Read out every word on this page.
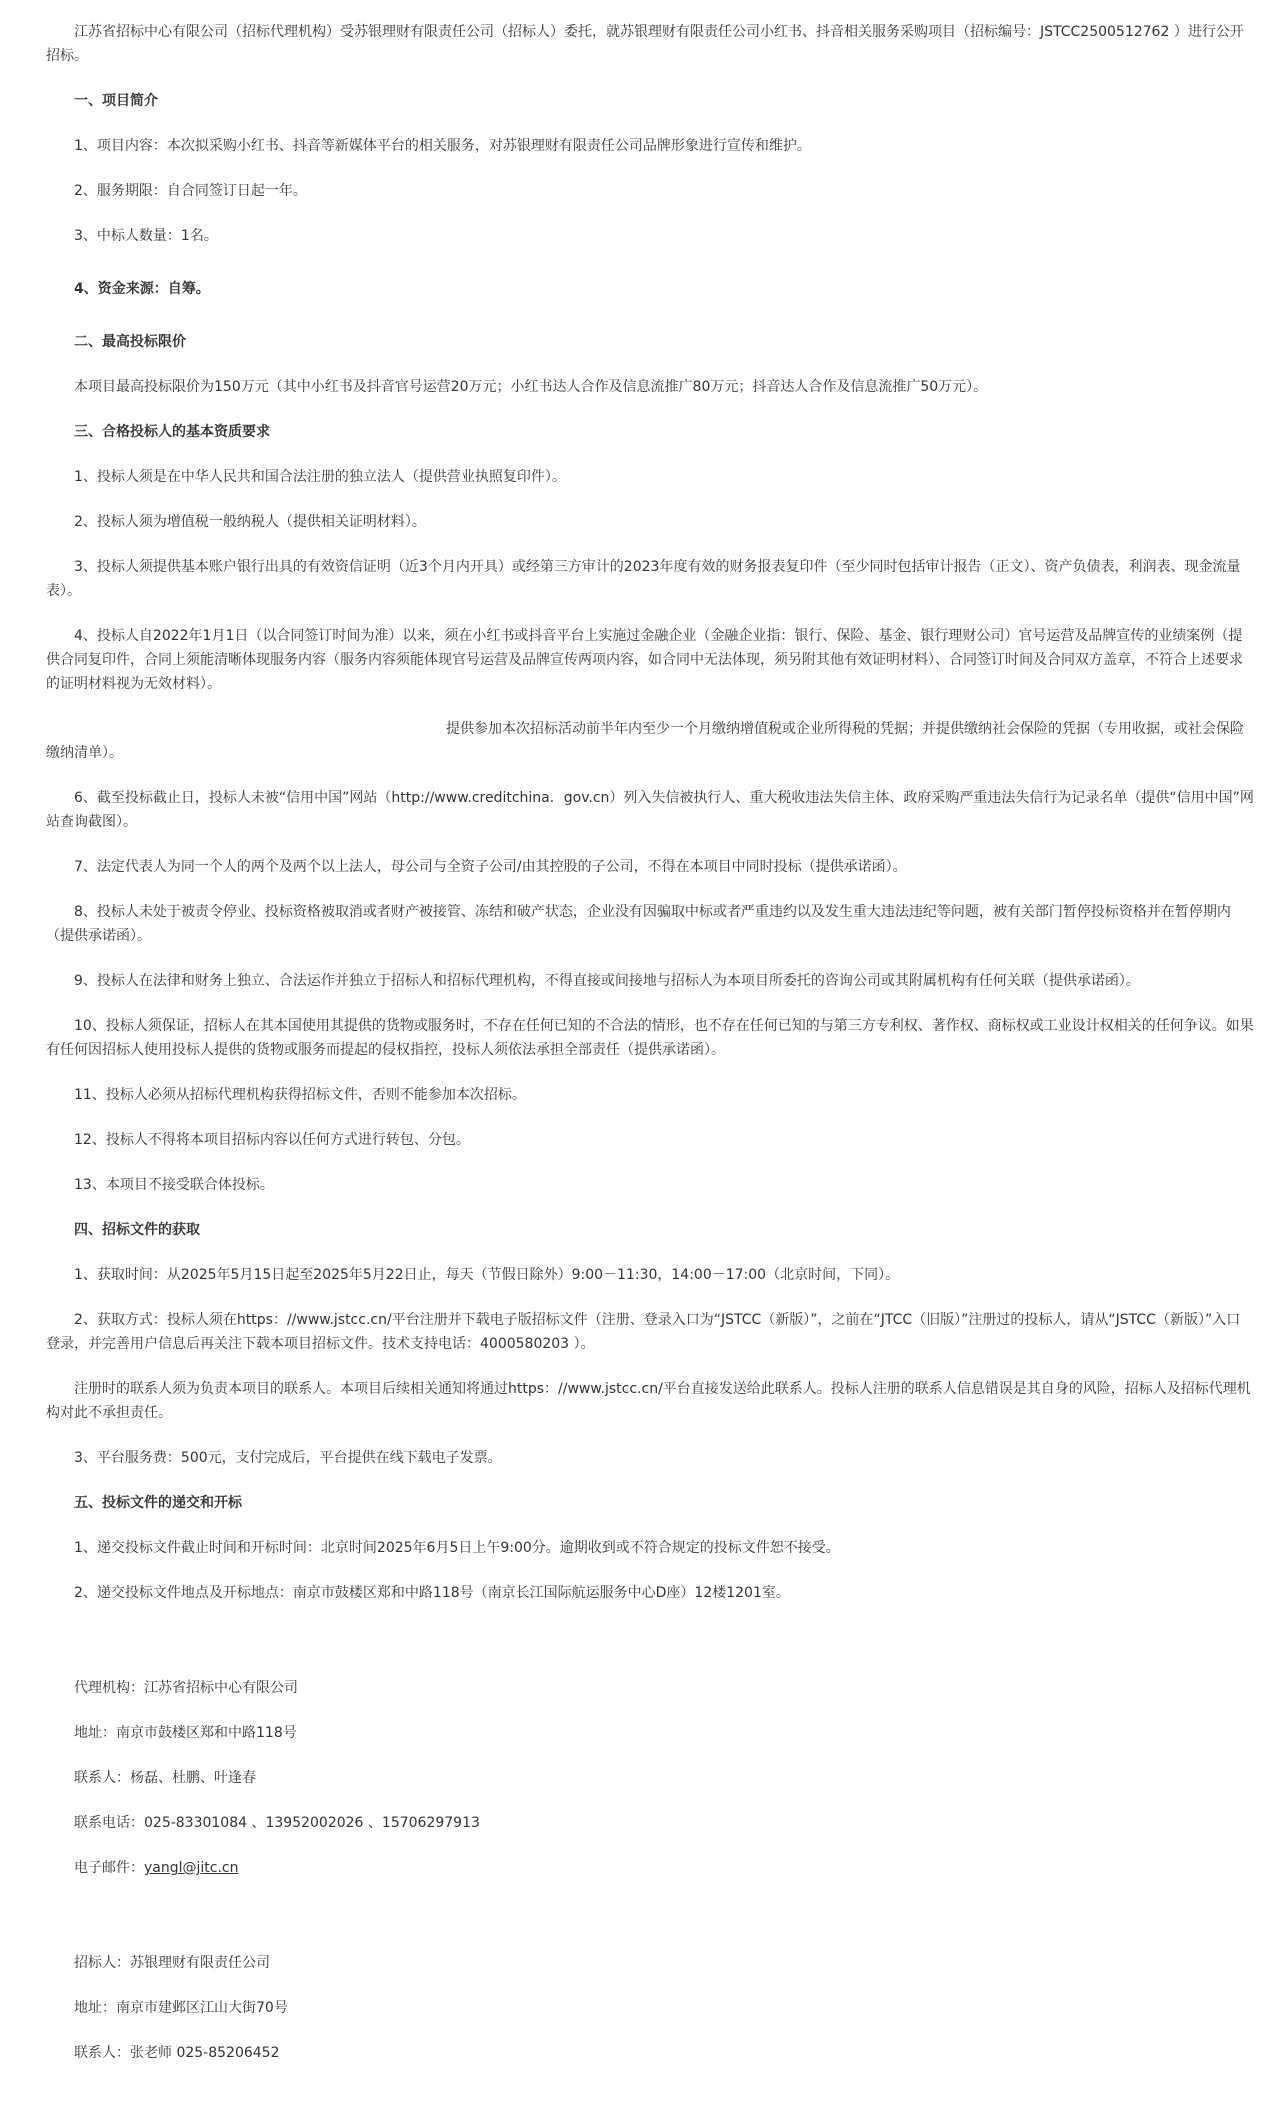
江苏省招标中心有限公司（招标代理机构）受苏银理财有限责任公司（招标人）委托，就苏银理财有限责任公司小红书、抖音相关服务采购项目（招标编号：JSTCC2500512762 ）进行公开招标。

一、项目简介

1、项目内容：本次拟采购小红书、抖音等新媒体平台的相关服务，对苏银理财有限责任公司品牌形象进行宣传和维护。

2、服务期限：自合同签订日起一年。

3、中标人数量：1名。

4、资金来源：自筹。

二、最高投标限价

本项目最高投标限价为150万元（其中小红书及抖音官号运营20万元；小红书达人合作及信息流推广80万元；抖音达人合作及信息流推广50万元）。

三、合格投标人的基本资质要求

1、投标人须是在中华人民共和国合法注册的独立法人（提供营业执照复印件）。

2、投标人须为增值税一般纳税人（提供相关证明材料）。

3、投标人须提供基本账户银行出具的有效资信证明（近3个月内开具）或经第三方审计的2023年度有效的财务报表复印件（至少同时包括审计报告（正文）、资产负债表，利润表、现金流量表）。

4、投标人自2022年1月1日（以合同签订时间为准）以来，须在小红书或抖音平台上实施过金融企业（金融企业指：银行、保险、基金、银行理财公司）官号运营及品牌宣传的业绩案例（提供合同复印件，合同上须能清晰体现服务内容（服务内容须能体现官号运营及品牌宣传两项内容，如合同中无法体现，须另附其他有效证明材料）、合同签订时间及合同双方盖章，不符合上述要求的证明材料视为无效材料）。

提供参加本次招标活动前半年内至少一个月缴纳增值税或企业所得税的凭据；并提供缴纳社会保险的凭据（专用收据，或社会保险缴纳清单）。

6、截至投标截止日，投标人未被“信用中国”网站（http://www.creditchina．gov.cn）列入失信被执行人、重大税收违法失信主体、政府采购严重违法失信行为记录名单（提供“信用中国”网站查询截图）。

7、法定代表人为同一个人的两个及两个以上法人，母公司与全资子公司/由其控股的子公司，不得在本项目中同时投标（提供承诺函）。

8、投标人未处于被责令停业、投标资格被取消或者财产被接管、冻结和破产状态，企业没有因骗取中标或者严重违约以及发生重大违法违纪等问题，被有关部门暂停投标资格并在暂停期内（提供承诺函）。

9、投标人在法律和财务上独立、合法运作并独立于招标人和招标代理机构，不得直接或间接地与招标人为本项目所委托的咨询公司或其附属机构有任何关联（提供承诺函）。

10、投标人须保证，招标人在其本国使用其提供的货物或服务时，不存在任何已知的不合法的情形，也不存在任何已知的与第三方专利权、著作权、商标权或工业设计权相关的任何争议。如果有任何因招标人使用投标人提供的货物或服务而提起的侵权指控，投标人须依法承担全部责任（提供承诺函）。

11、投标人必须从招标代理机构获得招标文件，否则不能参加本次招标。

12、投标人不得将本项目招标内容以任何方式进行转包、分包。

13、本项目不接受联合体投标。

四、招标文件的获取

1、获取时间：从2025年5月15日起至2025年5月22日止，每天（节假日除外）9:00－11:30，14:00－17:00（北京时间，下同）。

2、获取方式：投标人须在https：//www.jstcc.cn/平台注册并下载电子版招标文件（注册、登录入口为“JSTCC（新版）”，之前在“JTCC（旧版）”注册过的投标人，请从“JSTCC（新版）”入口登录，并完善用户信息后再关注下载本项目招标文件。技术支持电话：4000580203 ）。

注册时的联系人须为负责本项目的联系人。本项目后续相关通知将通过https：//www.jstcc.cn/平台直接发送给此联系人。投标人注册的联系人信息错误是其自身的风险，招标人及招标代理机构对此不承担责任。

3、平台服务费：500元，支付完成后，平台提供在线下载电子发票。

五、投标文件的递交和开标

1、递交投标文件截止时间和开标时间：北京时间2025年6月5日上午9:00分。逾期收到或不符合规定的投标文件恕不接受。

2、递交投标文件地点及开标地点：南京市鼓楼区郑和中路118号（南京长江国际航运服务中心D座）12楼1201室。

代理机构：江苏省招标中心有限公司

地址：南京市鼓楼区郑和中路118号

联系人：杨磊、杜鹏、叶逢春

联系电话：025-83301084 、13952002026 、15706297913

电子邮件：yangl@jitc.cn

招标人：苏银理财有限责任公司

地址：南京市建邺区江山大街70号

联系人：张老师 025-85206452
